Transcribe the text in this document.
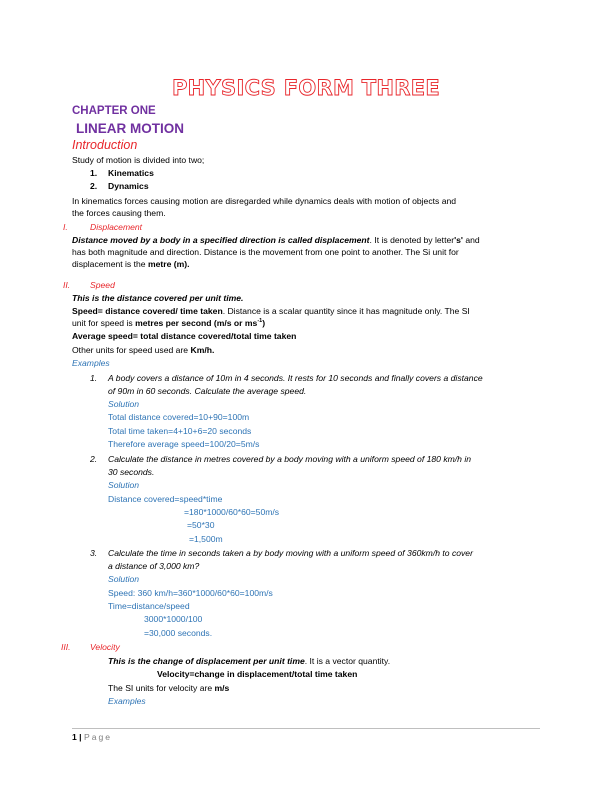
PHYSICS FORM THREE
CHAPTER ONE
LINEAR MOTION
Introduction
Study of motion is divided into two;
1. Kinematics
2. Dynamics
In kinematics forces causing motion are disregarded while dynamics deals with motion of objects and
the forces causing them.
I.	Displacement
Distance moved by a body in a specified direction is called displacement. It is denoted by letter's' and
has both magnitude and direction. Distance is the movement from one point to another. The Si unit for
displacement is the metre (m).
II. Speed
This is the distance covered per unit time.
Speed= distance covered/ time taken. Distance is a scalar quantity since it has magnitude only. The SI
unit for speed is metres per second (m/s or $ms^{-1}$)
Average speed= total distance covered/total time taken
Other units for speed used are Km/h.
Examples
1. A body covers a distance of 10m in 4 seconds. It rests for 10 seconds and finally covers a distance
of 90m in 60 seconds. Calculate the average speed.
Solution
Total distance covered=10+90=100m
Total time taken=4+10+6=20 seconds
Therefore average speed=100/20=5m/s
2. Calculate the distance in metres covered by a body moving with a uniform speed of 180 km/h in
30 seconds.
Solution
Distance covered=speed*time
=180*1000/60*60=50m/s
=50*30
=1,500m
3. Calculate the time in seconds taken a by body moving with a uniform speed of 360km/h to cover
a distance of 3,000 km?
Solution
Speed: 360 km/h=360*1000/60*60=100m/s
Time=distance/speed
3000*1000/100
=30,000 seconds.
III. Velocity
This is the change of displacement per unit time. It is a vector quantity.
Velocity=change in displacement/total time taken
The SI units for velocity are m/s
Examples
1 | Page
